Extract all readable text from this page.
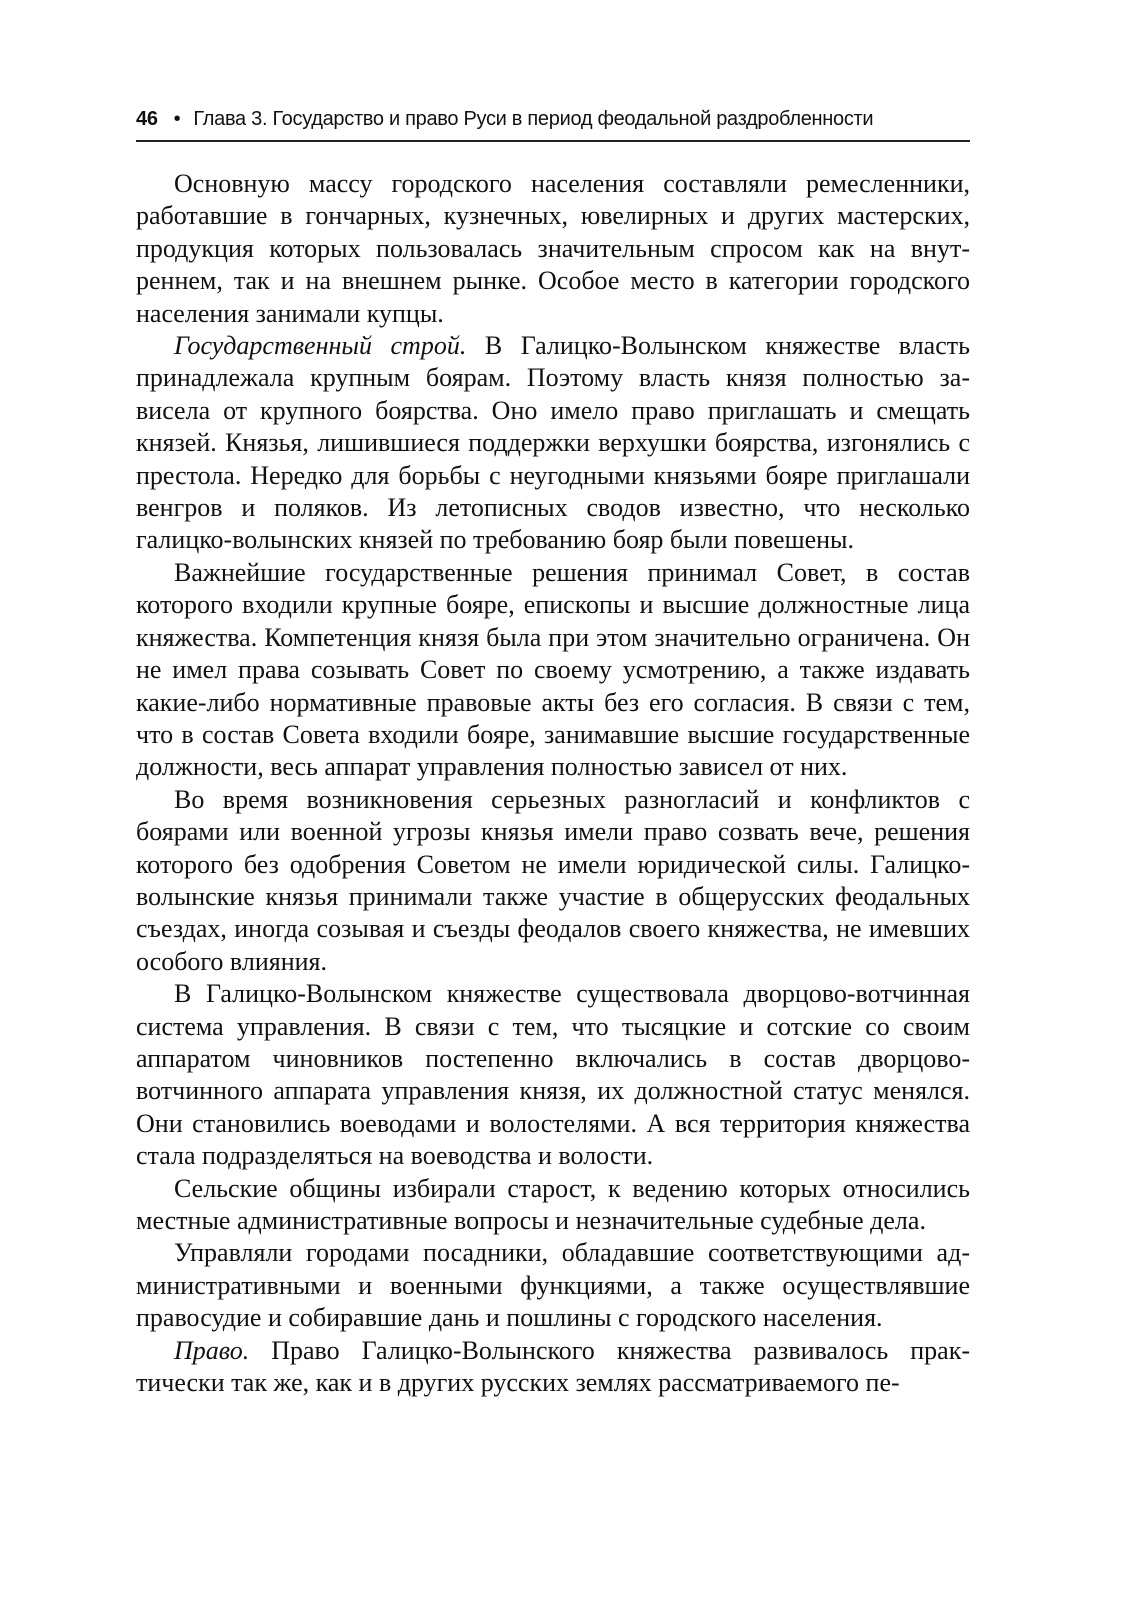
46 • Глава 3. Государство и право Руси в период феодальной раздробленности

Основную массу городского населения составляли ремесленники, работавшие в гончарных, кузнечных, ювелирных и других мастерских, продукция которых пользовалась значительным спросом как на внутреннем, так и на внешнем рынке. Особое место в категории городского населения занимали купцы.

Государственный строй. В Галицко-Волынском княжестве власть принадлежала крупным боярам. Поэтому власть князя полностью зависела от крупного боярства. Оно имело право приглашать и смещать князей. Князья, лишившиеся поддержки верхушки боярства, изгонялись с престола. Нередко для борьбы с неугодными князьями бояре приглашали венгров и поляков. Из летописных сводов известно, что несколько галицко-волынских князей по требованию бояр были повешены.

Важнейшие государственные решения принимал Совет, в состав которого входили крупные бояре, епископы и высшие должностные лица княжества. Компетенция князя была при этом значительно ограничена. Он не имел права созывать Совет по своему усмотрению, а также издавать какие-либо нормативные правовые акты без его согласия. В связи с тем, что в состав Совета входили бояре, занимавшие высшие государственные должности, весь аппарат управления полностью зависел от них.

Во время возникновения серьезных разногласий и конфликтов с боярами или военной угрозы князья имели право созвать вече, решения которого без одобрения Советом не имели юридической силы. Галицко-волынские князья принимали также участие в общерусских феодальных съездах, иногда созывая и съезды феодалов своего княжества, не имевших особого влияния.

В Галицко-Волынском княжестве существовала дворцово-вотчинная система управления. В связи с тем, что тысяцкие и сотские со своим аппаратом чиновников постепенно включались в состав дворцово-вотчинного аппарата управления князя, их должностной статус менялся. Они становились воеводами и волостелями. А вся территория княжества стала подразделяться на воеводства и волости.

Сельские общины избирали старост, к ведению которых относились местные административные вопросы и незначительные судебные дела.

Управляли городами посадники, обладавшие соответствующими административными и военными функциями, а также осуществлявшие правосудие и собиравшие дань и пошлины с городского населения.

Право. Право Галицко-Волынского княжества развивалось практически так же, как и в других русских землях рассматриваемого пе-
